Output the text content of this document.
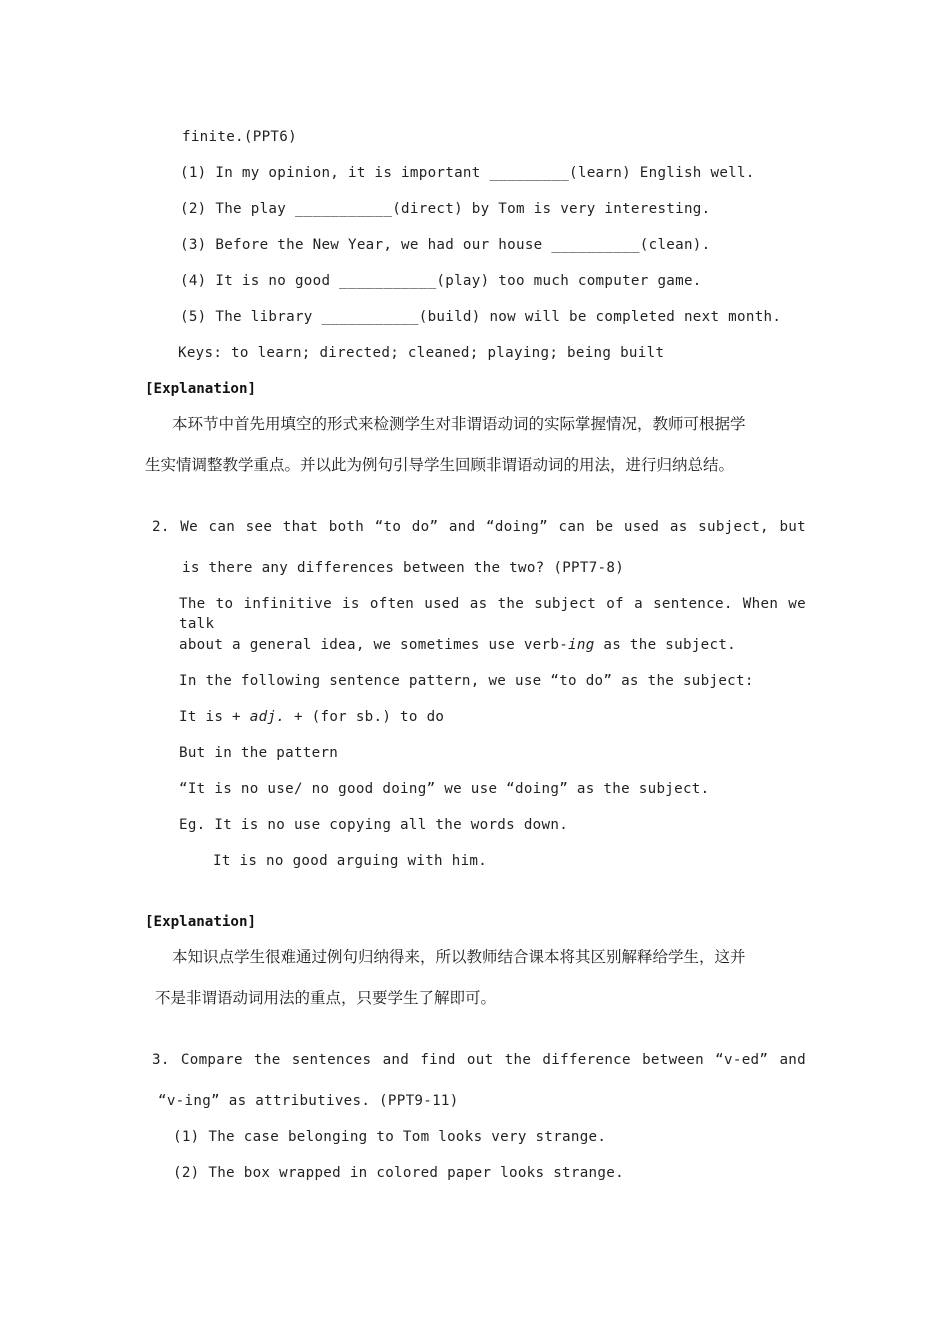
finite.(PPT6)
(1) In my opinion, it is important _________(learn) English well.
(2) The play ___________(direct) by Tom is very interesting.
(3) Before the New Year, we had our house __________(clean).
(4) It is no good ___________(play) too much computer game.
(5) The library ___________(build) now will be completed next month.
Keys: to learn; directed; cleaned; playing; being built
[Explanation]
本环节中首先用填空的形式来检测学生对非谓语动词的实际掌握情况，教师可根据学
生实情调整教学重点。并以此为例句引导学生回顾非谓语动词的用法，进行归纳总结。
2. We can see that both “to do” and “doing” can be used as subject, but
is there any differences between the two? (PPT7-8)
The to infinitive is often used as the subject of a sentence. When we talk
about a general idea, we sometimes use verb-ing as the subject.
In the following sentence pattern, we use “to do” as the subject:
It is + adj. + (for sb.) to do
But in the pattern
“It is no use/ no good doing” we use “doing” as the subject.
Eg. It is no use copying all the words down.
It is no good arguing with him.
[Explanation]
本知识点学生很难通过例句归纳得来，所以教师结合课本将其区别解释给学生，这并
不是非谓语动词用法的重点，只要学生了解即可。
3. Compare the sentences and find out the difference between “v-ed” and
“v-ing” as attributives. (PPT9-11)
(1) The case belonging to Tom looks very strange.
(2) The box wrapped in colored paper looks strange.
